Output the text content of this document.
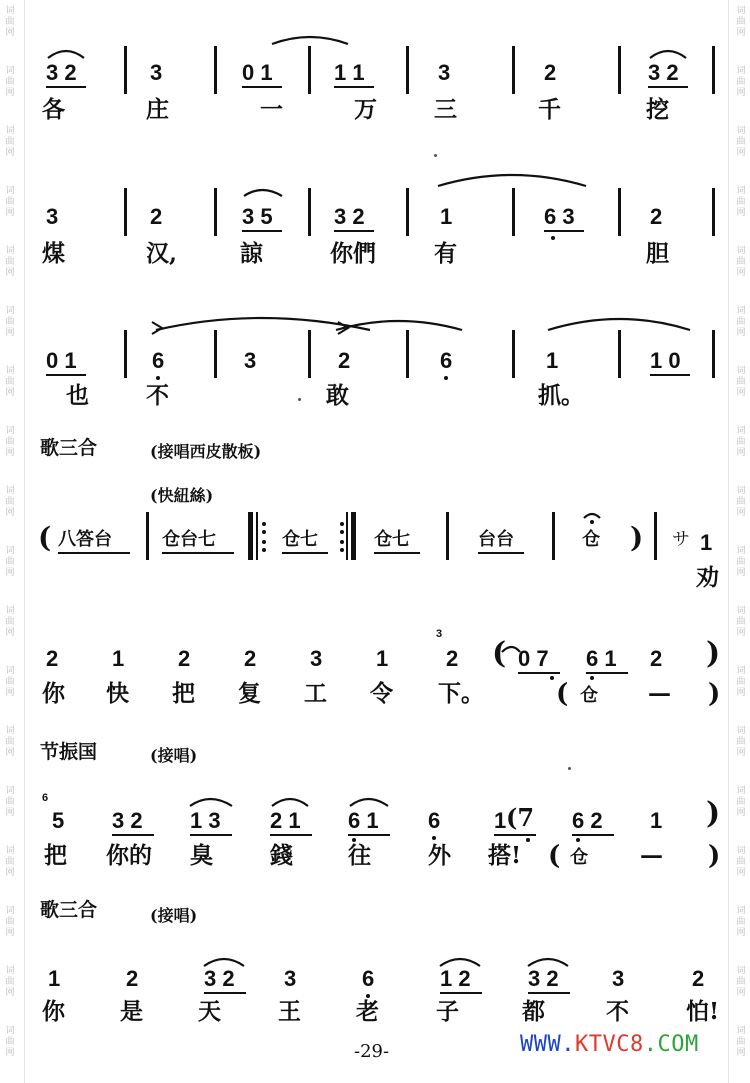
词
曲
网
词
曲
网
词
曲
网
词
曲
网
词
曲
网
词
曲
网
词
曲
网
词
曲
网
词
曲
网
词
曲
网
词
曲
网
词
曲
网
词
曲
网
词
曲
网
词
曲
网
词
曲
网
词
曲
网
词
曲
网
词
曲
网
词
曲
网
词
曲
网
词
曲
网
词
曲
网
词
曲
网
词
曲
网
词
曲
网
词
曲
网
词
曲
网
词
曲
网
词
曲
网
词
曲
网
词
曲
网
词
曲
网
词
曲
网
词
曲
网
词
曲
网
3 2	3	0 1	1 1	3	2	3 2
各	庄	一	万 三	千	挖
3	2	3 5	3 2	1	6 3	2
煤	汉,	諒	你們	有	胆
0 1	6	3	2	6	1	1 0
也 不	敢	抓。
歌三合	(接唱西皮散板)
(快紐絲)
( 八答台	仓台七	仓七	仓七	台台	仓 ) サ 1
劝
2 1 2 2 3 1
3
2 ( 0 7 6 1 2 )
你 快 把 复 工 令 下。	( 仓 — )
节振国	(接唱)
6
5 3 2 1 3 2 1 6 1 6 1 (7 6 2 1 )
把 你的 臭 錢 往 外 搭! ( 仓 — )
歌三合	(接唱)
1	2	3 2 3	6	1 2	3 2 3	2
你 是 天 王 老 子	都	不 怕!
-29-	WWW.KTVC8.COM
